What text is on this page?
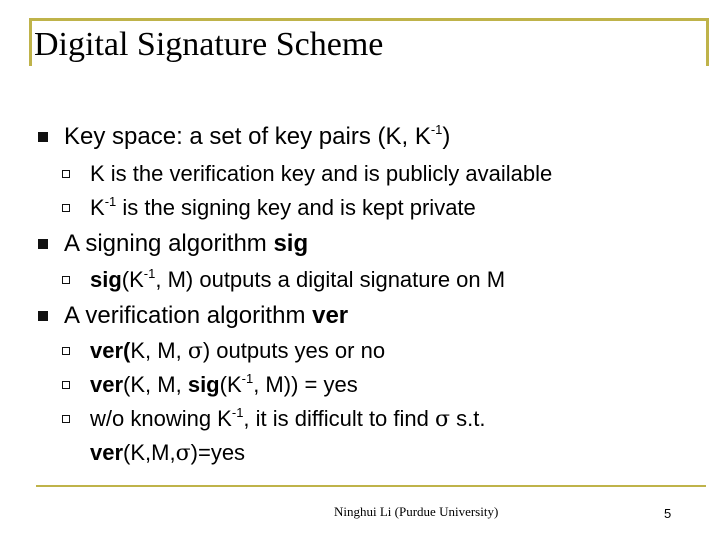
Digital Signature Scheme
Key space: a set of key pairs (K, $K^{-1}$)
K is the verification key and is publicly available
$K^{-1}$ is the signing key and is kept private
A signing algorithm sig
$sig(K^{-1}$, M) outputs a digital signature on M
A verification algorithm ver
ver(K, M, σ) outputs yes or no
ver(K, M, $sig(K^{-1}$, M)) = yes
w/o knowing $K^{-1}$, it is difficult to find σ s.t.
ver(K,M,σ)=yes
Ninghui Li (Purdue University)	5
